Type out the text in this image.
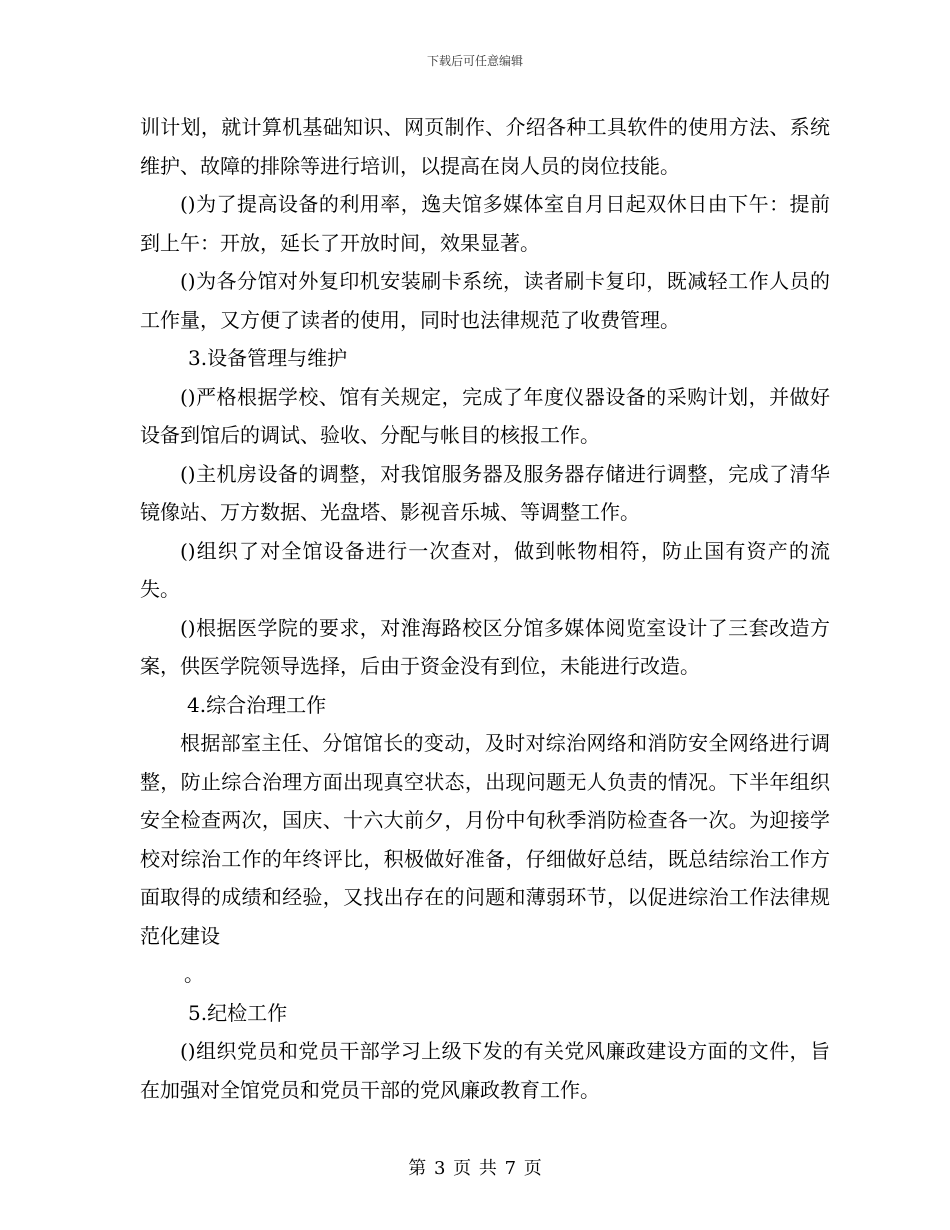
下载后可任意编辑

训计划，就计算机基础知识、网页制作、介绍各种工具软件的使用方法、系统维护、故障的排除等进行培训，以提高在岗人员的岗位技能。

()为了提高设备的利用率，逸夫馆多媒体室自月日起双休日由下午：提前到上午：开放，延长了开放时间，效果显著。

()为各分馆对外复印机安装刷卡系统，读者刷卡复印，既减轻工作人员的工作量，又方便了读者的使用，同时也法律规范了收费管理。

3.设备管理与维护

()严格根据学校、馆有关规定，完成了年度仪器设备的采购计划，并做好设备到馆后的调试、验收、分配与帐目的核报工作。

()主机房设备的调整，对我馆服务器及服务器存储进行调整，完成了清华镜像站、万方数据、光盘塔、影视音乐城、等调整工作。

()组织了对全馆设备进行一次查对，做到帐物相符，防止国有资产的流失。

()根据医学院的要求，对淮海路校区分馆多媒体阅览室设计了三套改造方案，供医学院领导选择，后由于资金没有到位，未能进行改造。

4.综合治理工作

根据部室主任、分馆馆长的变动，及时对综治网络和消防安全网络进行调整，防止综合治理方面出现真空状态，出现问题无人负责的情况。下半年组织安全检查两次，国庆、十六大前夕，月份中旬秋季消防检查各一次。为迎接学校对综治工作的年终评比，积极做好准备，仔细做好总结，既总结综治工作方面取得的成绩和经验，又找出存在的问题和薄弱环节，以促进综治工作法律规范化建设

。

5.纪检工作

()组织党员和党员干部学习上级下发的有关党风廉政建设方面的文件，旨在加强对全馆党员和党员干部的党风廉政教育工作。

第 3 页 共 7 页
